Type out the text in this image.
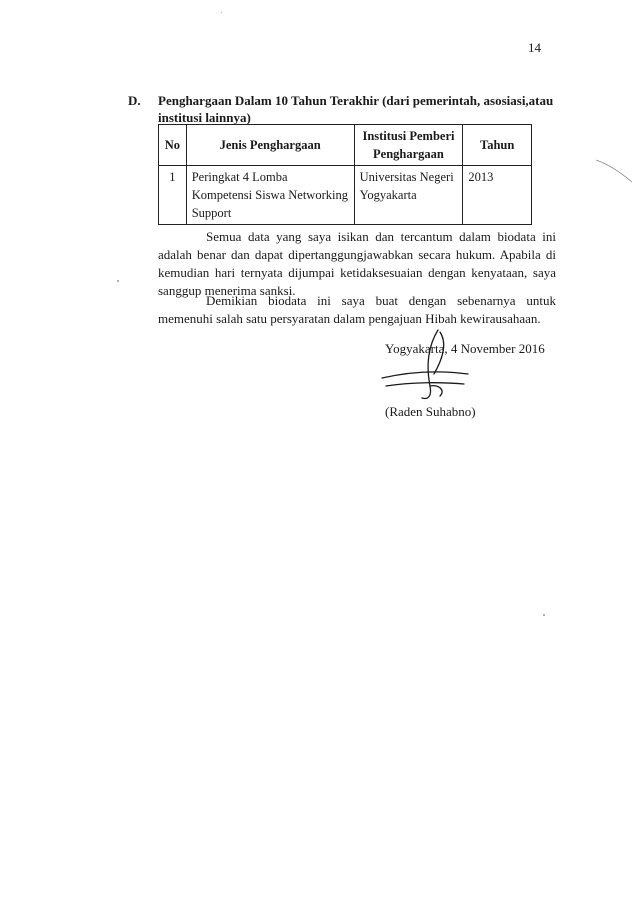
14
D. Penghargaan Dalam 10 Tahun Terakhir (dari pemerintah, asosiasi,atau institusi lainnya)
No	Jenis Penghargaan	Institusi Pemberi Penghargaan	Tahun
1	Peringkat 4 Lomba Kompetensi Siswa Networking Support	Universitas Negeri Yogyakarta	2013

Semua data yang saya isikan dan tercantum dalam biodata ini adalah benar dan dapat dipertanggungjawabkan secara hukum. Apabila di kemudian hari ternyata dijumpai ketidaksesuaian dengan kenyataan, saya sanggup menerima sanksi.

Demikian biodata ini saya buat dengan sebenarnya untuk memenuhi salah satu persyaratan dalam pengajuan Hibah kewirausahaan.

Yogyakarta, 4 November 2016
(Raden Suhabno)
